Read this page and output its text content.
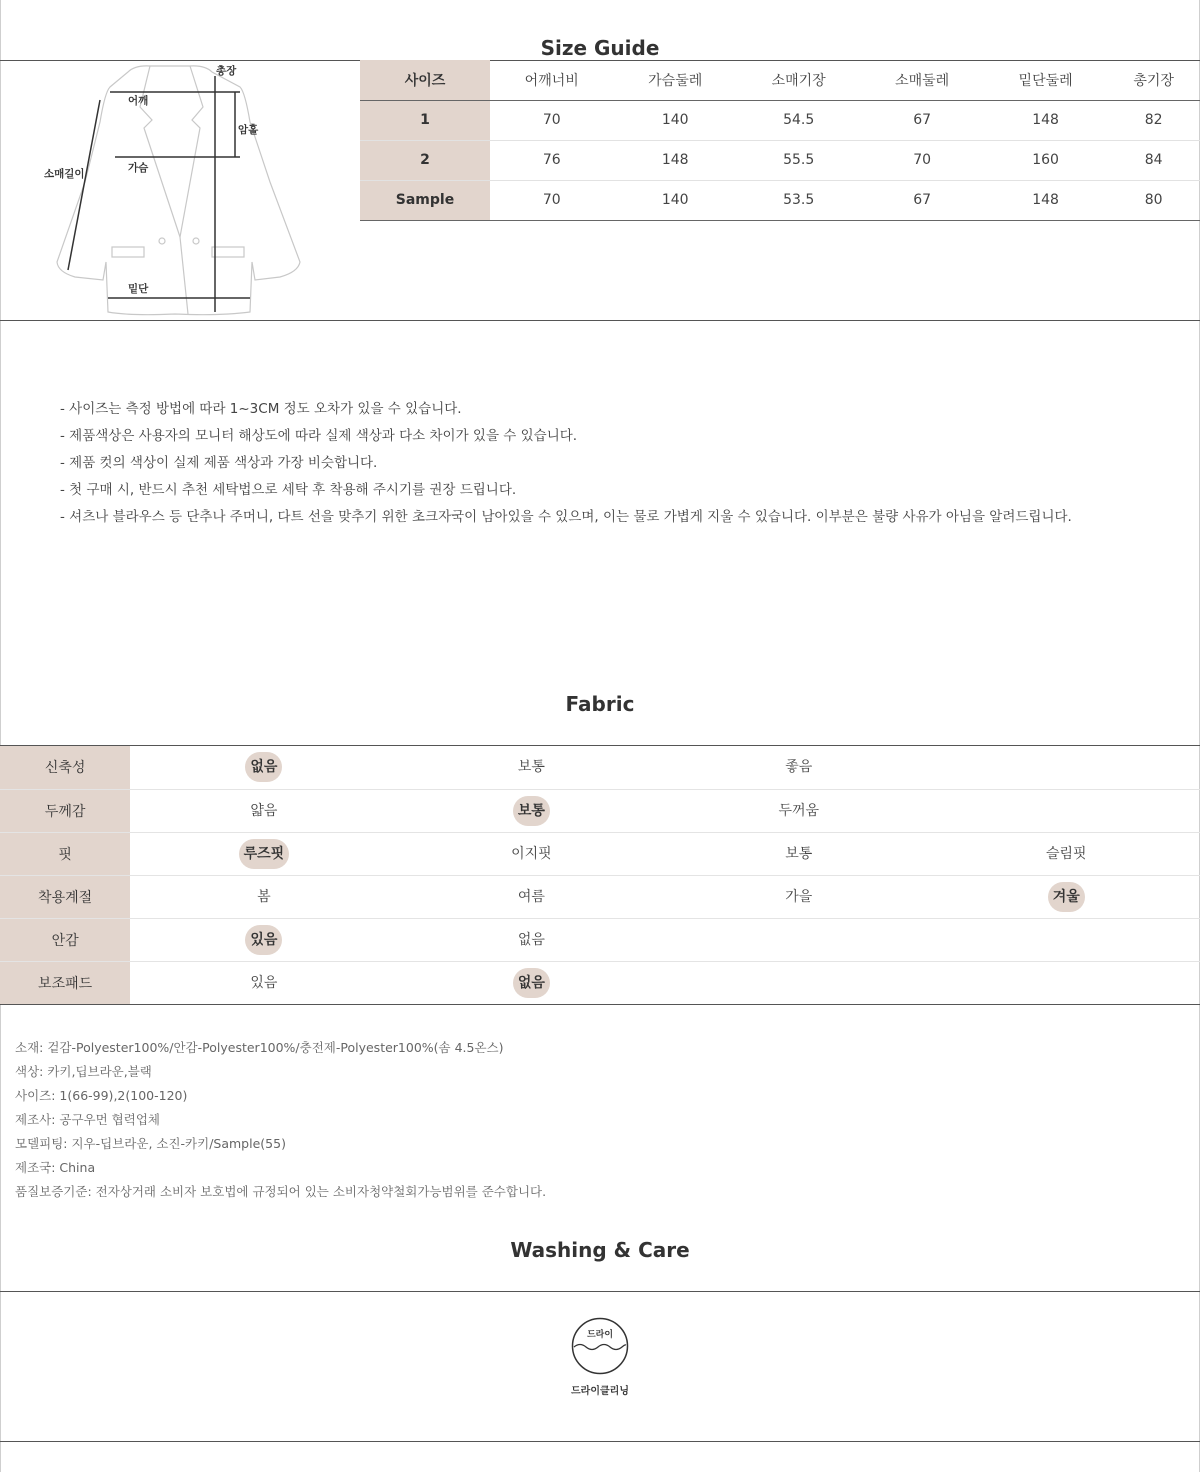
Size Guide
총장
어깨
암홀
소매길이	가슴
밑단
사이즈	어깨너비	가슴둘레	소매기장	소매둘레	밑단둘레	총기장
1	70	140	54.5	67	148	82
2	76	148	55.5	70	160	84
Sample	70	140	53.5	67	148	80
- 사이즈는 측정 방법에 따라 1~3CM 정도 오차가 있을 수 있습니다.
- 제품색상은 사용자의 모니터 해상도에 따라 실제 색상과 다소 차이가 있을 수 있습니다.
- 제품 컷의 색상이 실제 제품 색상과 가장 비슷합니다.
- 첫 구매 시, 반드시 추천 세탁법으로 세탁 후 착용해 주시기를 권장 드립니다.
- 셔츠나 블라우스 등 단추나 주머니, 다트 선을 맞추기 위한 초크자국이 남아있을 수 있으며, 이는 물로 가볍게 지울 수 있습니다. 이부분은 불량 사유가 아님을 알려드립니다.
Fabric
신축성	없음	보통	좋음	
두께감	얇음	보통	두꺼움	
핏	루즈핏	이지핏	보통	슬림핏
착용계절	봄	여름	가을	겨울
안감	있음	없음		
보조패드	있음	없음		
소재: 겉감-Polyester100%/안감-Polyester100%/충전제-Polyester100%(솜 4.5온스)
색상: 카키,딥브라운,블랙
사이즈: 1(66-99),2(100-120)
제조사: 공구우먼 협력업체
모델피팅: 지우-딥브라운, 소진-카키/Sample(55)
제조국: China
품질보증기준: 전자상거래 소비자 보호법에 규정되어 있는 소비자청약철회가능범위를 준수합니다.
Washing & Care
드라이
드라이클리닝
